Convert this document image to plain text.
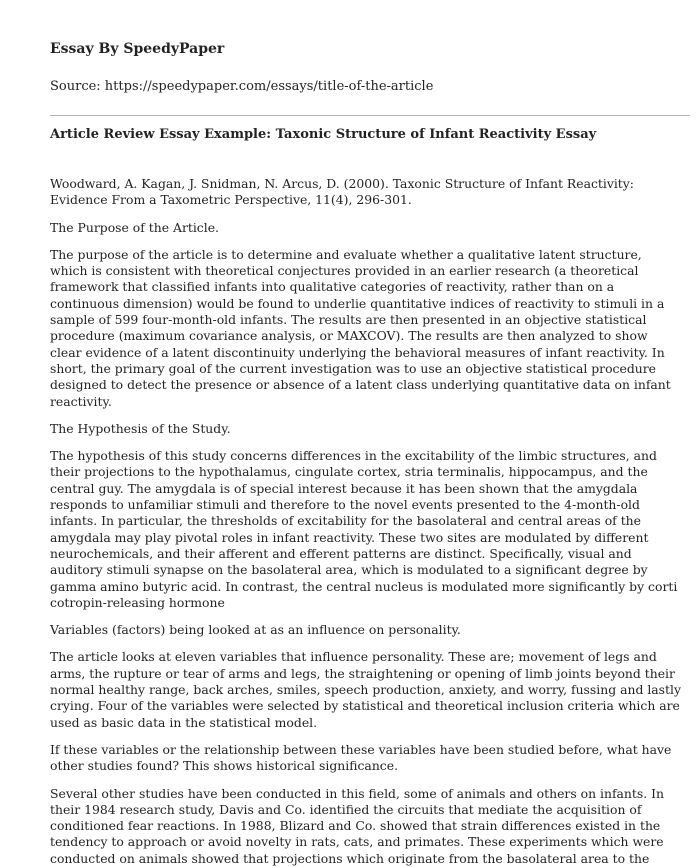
Essay By SpeedyPaper
Source: https://speedypaper.com/essays/title-of-the-article
Article Review Essay Example: Taxonic Structure of Infant Reactivity Essay

Woodward, A. Kagan, J. Snidman, N. Arcus, D. (2000). Taxonic Structure of Infant Reactivity: Evidence From a Taxometric Perspective, 11(4), 296-301.

The Purpose of the Article.

The purpose of the article is to determine and evaluate whether a qualitative latent structure, which is consistent with theoretical conjectures provided in an earlier research (a theoretical framework that classified infants into qualitative categories of reactivity, rather than on a continuous dimension) would be found to underlie quantitative indices of reactivity to stimuli in a sample of 599 four-month-old infants. The results are then presented in an objective statistical procedure (maximum covariance analysis, or MAXCOV). The results are then analyzed to show clear evidence of a latent discontinuity underlying the behavioral measures of infant reactivity. In short, the primary goal of the current investigation was to use an objective statistical procedure designed to detect the presence or absence of a latent class underlying quantitative data on infant reactivity.

The Hypothesis of the Study.

The hypothesis of this study concerns differences in the excitability of the limbic structures, and their projections to the hypothalamus, cingulate cortex, stria terminalis, hippocampus, and the central guy. The amygdala is of special interest because it has been shown that the amygdala responds to unfamiliar stimuli and therefore to the novel events presented to the 4-month-old infants. In particular, the thresholds of excitability for the basolateral and central areas of the amygdala may play pivotal roles in infant reactivity. These two sites are modulated by different neurochemicals, and their afferent and efferent patterns are distinct. Specifically, visual and auditory stimuli synapse on the basolateral area, which is modulated to a significant degree by gamma amino butyric acid. In contrast, the central nucleus is modulated more significantly by corti cotropin-releasing hormone

Variables (factors) being looked at as an influence on personality.

The article looks at eleven variables that influence personality. These are; movement of legs and arms, the rupture or tear of arms and legs, the straightening or opening of limb joints beyond their normal healthy range, back arches, smiles, speech production, anxiety, and worry, fussing and lastly crying. Four of the variables were selected by statistical and theoretical inclusion criteria which are used as basic data in the statistical model.

If these variables or the relationship between these variables have been studied before, what have other studies found? This shows historical significance.

Several other studies have been conducted in this field, some of animals and others on infants. In their 1984 research study, Davis and Co. identified the circuits that mediate the acquisition of conditioned fear reactions. In 1988, Blizard and Co. showed that strain differences existed in the tendency to approach or avoid novelty in rats, cats, and primates. These experiments which were conducted on animals showed that projections which originate from the basolateral area to the
